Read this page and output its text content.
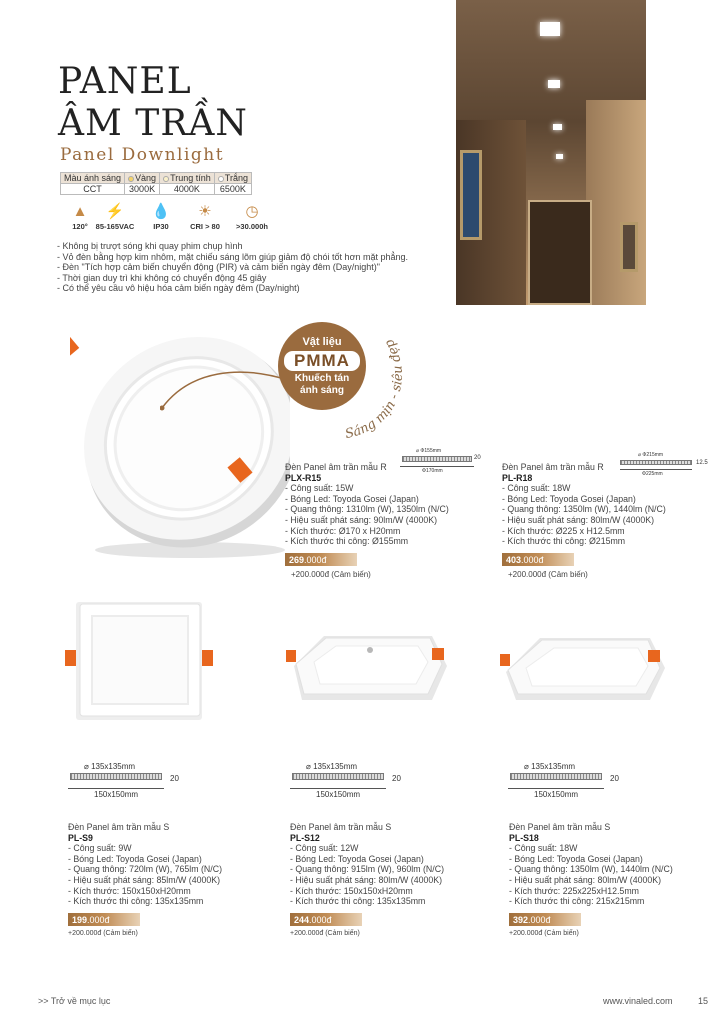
PANEL
ÂM TRẦN
Panel Downlight
Màu ánh sáng	Vàng	Trung tính	Trắng
CCT	3000K	4000K	6500K
▲
120°
⚡
85-165VAC
💧
IP30
☀
CRI > 80
◷
>30.000h
- Không bị trượt sóng khi quay phim chụp hình
- Vỏ đèn bằng hợp kim nhôm, mặt chiếu sáng lõm giúp giảm độ chói tốt hơn mặt phẳng.
- Đèn "Tích hợp cảm biến chuyển động (PIR) và cảm biến ngày đêm (Day/night)"
- Thời gian duy trì khi không có chuyển động 45 giây
- Có thể yêu cầu vô hiệu hóa cảm biến ngày đêm (Day/night)
Vật liệu
PMMA
Khuếch tán
ánh sáng
Sáng mịn - siêu đẹp
Đèn Panel âm trần mẫu R
PLX-R15
- Công suất: 15W
- Bóng Led: Toyoda Gosei (Japan)
- Quang thông: 1310lm (W), 1350lm (N/C)
- Hiệu suất phát sáng: 90lm/W (4000K)
- Kích thước: Ø170 x H20mm
- Kích thước thi công: Ø155mm
269.000đ
+200.000đ (Cảm biến)
⌀ Φ155mm
20
Φ170mm	Đèn Panel âm trần mẫu R
PL-R18
- Công suất: 18W
- Bóng Led: Toyoda Gosei (Japan)
- Quang thông: 1350lm (W), 1440lm (N/C)
- Hiệu suất phát sáng: 80lm/W (4000K)
- Kích thước: Ø225 x H12.5mm
- Kích thước thi công: Ø215mm
403.000đ
+200.000đ (Cảm biến)
⌀ Φ215mm
12.5
Φ225mm
⌀ 135x135mm
20
150x150mm
⌀ 135x135mm
20
150x150mm
⌀ 135x135mm
20
150x150mm
Đèn Panel âm trần mẫu S
PL-S9
- Công suất: 9W
- Bóng Led: Toyoda Gosei (Japan)
- Quang thông: 720lm (W), 765lm (N/C)
- Hiệu suất phát sáng: 85lm/W (4000K)
- Kích thước: 150x150xH20mm
- Kích thước thi công: 135x135mm
199.000đ
+200.000đ (Cảm biến)
Đèn Panel âm trần mẫu S
PL-S12
- Công suất: 12W
- Bóng Led: Toyoda Gosei (Japan)
- Quang thông: 915lm (W), 960lm (N/C)
- Hiệu suất phát sáng: 80lm/W (4000K)
- Kích thước: 150x150xH20mm
- Kích thước thi công: 135x135mm
244.000đ
+200.000đ (Cảm biến)
Đèn Panel âm trần mẫu S
PL-S18
- Công suất: 18W
- Bóng Led: Toyoda Gosei (Japan)
- Quang thông: 1350lm (W), 1440lm (N/C)
- Hiệu suất phát sáng: 80lm/W (4000K)
- Kích thước: 225x225xH12.5mm
- Kích thước thi công: 215x215mm
392.000đ
+200.000đ (Cảm biến)
>> Trở về mục lục	www.vinaled.com	15
